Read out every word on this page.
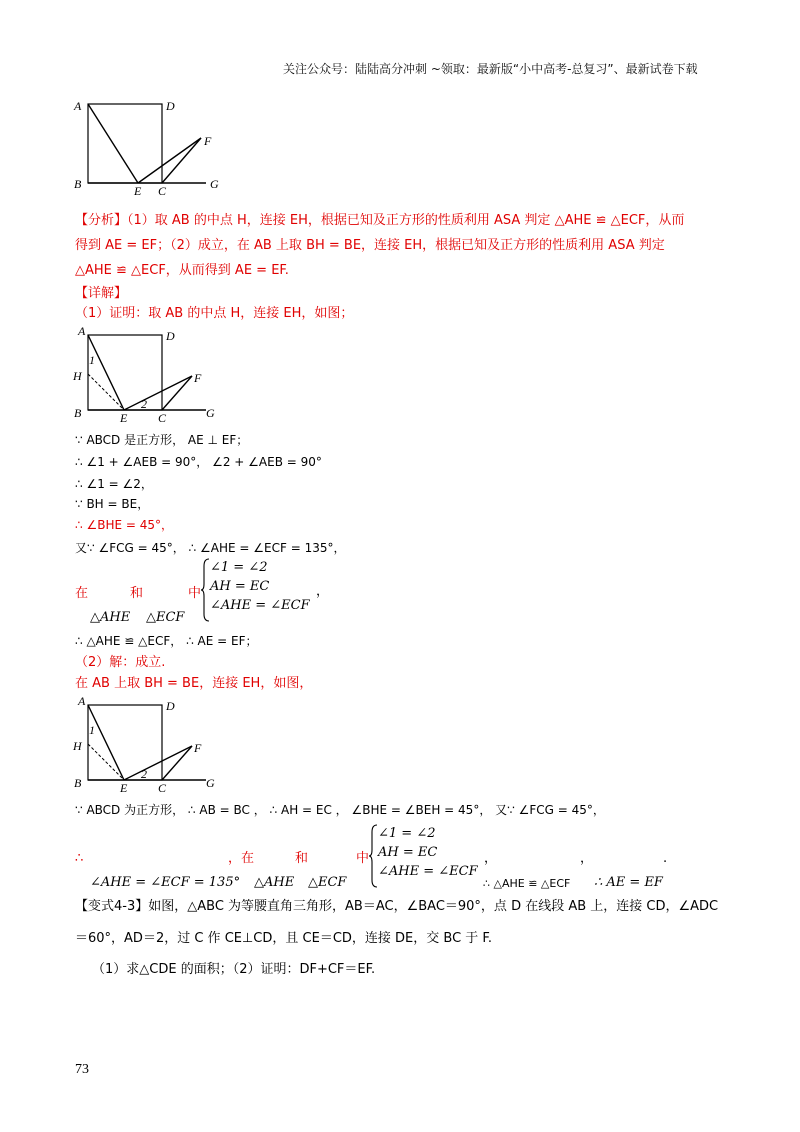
关注公众号：陆陆高分冲刺 ~领取：最新版“小中高考-总复习”、最新试卷下载
A	D
F
B	E C	G
【分析】（1）取 AB 的中点 H，连接 EH，根据已知及正方形的性质利用 ASA 判定 △AHE ≌ △ECF，从而
得到 AE = EF；（2）成立，在 AB 上取 BH = BE，连接 EH，根据已知及正方形的性质利用 ASA 判定
△AHE ≌ △ECF，从而得到 AE = EF.
【详解】
（1）证明：取 AB 的中点 H，连接 EH，如图；
A	D
1
H	F
2
B	E	C	G
∵ ABCD 是正方形， AE ⊥ EF；
∴ ∠1 + ∠AEB = 90°， ∠2 + ∠AEB = 90°
∴ ∠1 = ∠2，
∵ BH = BE，
∴ ∠BHE = 45°，
又∵ ∠FCG = 45°， ∴ ∠AHE = ∠ECF = 135°，
在	和	中
△AHE △ECF
∠1 = ∠2
AH = EC
∠AHE = ∠ECF
，
∴ △AHE ≌ △ECF， ∴ AE = EF；
（2）解：成立.
在 AB 上取 BH = BE，连接 EH，如图，
A	D
1
H	F
2
B	E	C	G
∵ ABCD 为正方形， ∴ AB = BC ， ∴ AH = EC ， ∠BHE = ∠BEH = 45°， 又∵ ∠FCG = 45°，
∴	，在	和	中
∠AHE = ∠ECF = 135° △AHE △ECF
∠1 = ∠2
AH = EC
∠AHE = ∠ECF
，	，	.
∴ △AHE ≌ △ECF ∴ AE = EF
【变式4-3】如图，△ABC 为等腰直角三角形，AB＝AC，∠BAC＝90°，点 D 在线段 AB 上，连接 CD，∠ADC
＝60°，AD＝2，过 C 作 CE⊥CD，且 CE＝CD，连接 DE，交 BC 于 F.
（1）求△CDE 的面积；（2）证明：DF+CF＝EF.
73
